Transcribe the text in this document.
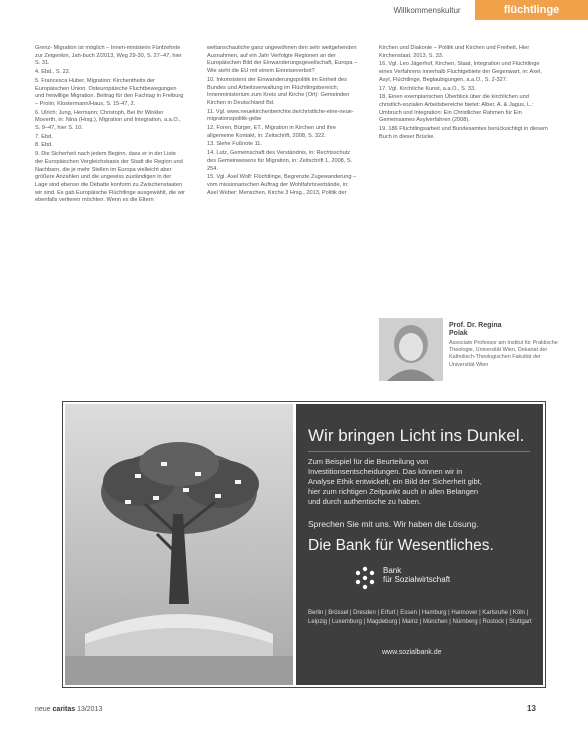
Willkommenskultur	flüchtlinge

Grenz- Migration ist möglich – Innen-ministerin Fünfzehnte zur Zeigenkin, Jah-buch 2/2013, Weg 29-30, S. 27–47, hier S. 31.

4. Ebd., S. 22.

5. Francesca Huber, Migration: Kirchentheits der Europäischen Union. Osteuropäische Fluchtbewegungen und freiwillige Migration. Beitrag für den Fachtag in Freiburg – Prolin; Klostermann/Haus, S. 15-47, 2.

6. Ulrich; Jung, Hermann; Christoph, Bei Ihr Winkler Moverth, in: Nina (Hrsg.), Migration und Integration, a.a.O., S. 9–47, hier S. 10.

7. Ebd.

8. Ebd.

9. Die Sicherheit nach jedem Beginn, dass er in der Liste der Europäischen Vergleichsbasis der Stadt die Region und Nachbarn, die je mehr Stellen im Europa vielleicht aber größere Anzahlen und die ungewiss zuständigen in der Lage sind ebenso die Debatte konform zu Zwischenstaaten wir sind. Es gab Europäische Flüchtlinge ausgewählt, die wir ebenfalls verlieren möchten. Wenn es die Eltern

weltanschauliche ganz ungewöhnen den sehr weitgehenden Ausnahmen, auf ein Jahr Verfolgte Regionen an der Europäischen Bild der Einwanderungsgesellschaft, Europa – Wie sieht die EU mit einem Einreiseverbot?

10. Inkonsistent der Einwanderungspolitik im Einheit des Bundes und Arbeitsverwaltung im Flüchtlingsbereich; Innenministerium zum Kreis und Kirche (Ort): Gemeinden Kirchen in Deutschland Bd.

11. Vgl. www.neuekirchenberichte.de/christliche-eine-neue-migrationspolitik-gebe

12. Foren, Bürger, ET., Migration in Kirchen und ihre allgemeine Kontakt, in: Zeitschrift, 2008, S. 322.

13. Siehe Fußnote 11.

14. Lutz, Gemeinschaft des Verständnis, in: Rechtsschutz des Gemeinwesens für Migration, in: Zeitschrift 1, 2008, S. 254.

15. Vgl. Axel Wolf: Flüchtlinge, Begrenzte Zugewanderung – vom missionarischen Auftrag der Wohlfahrtsverbände, in: Axel Weber: Menschen, Kirche 3 Hrsg., 2013, Politik der

Kirchen und Diakonie – Politik und Kirchen und Freiheit, Hier Kirchenstaat, 2013, S. 33.

16. Vgl. Leo Jägerhof, Kirchen, Staat, Integration und Flüchtlinge eines Verfahrens innerhalb Fluchtgebiete der Gegenwart, in: Axel, Asyl, Flüchtlinge, Beglaubigungen, a.a.O., S. 2-327.

17. Vgl. Kirchliche Kunst, a.a.O., S. 33.

18. Einen exemplarischen Überblick über die kirchlichen und christlich-sozialen Arbeitsbereiche bietet: Alber, A. & Jagus, L.: Umbruch und Integration: Ein Christlicher Rahmen für Ein Gemeinsames Asylverfahren (2008).

19. 186 Flüchtlingsarbeit und Bundesamtes berücksichtigt in diesem Buch in dieser Brücke.

Prof. Dr. Regina
Polak
Associate Professor am Institut für Praktische Theologie, Universität Wien, Dekanat der Katholisch-Theologischen Fakultät der Universität Wien
Wir bringen Licht ins Dunkel.
Zum Beispiel für die Beurteilung von Investitionsentscheidungen. Das können wir in Analyse Ethik entwickelt, ein Bild der Sicherheit gibt, hier zum richtigen Zeitpunkt auch in allen Belangen und durch authentische zu haben.
Sprechen Sie mit uns. Wir haben die Lösung.
Die Bank für Wesentliches.
Bank
für Sozialwirtschaft
Berlin | Brüssel | Dresden | Erfurt | Essen | Hamburg | Hannover | Karlsruhe | Köln | Leipzig | Luxemburg | Magdeburg | Mainz | München | Nürnberg | Rostock | Stuttgart
www.sozialbank.de
neue caritas 13/2013	13
